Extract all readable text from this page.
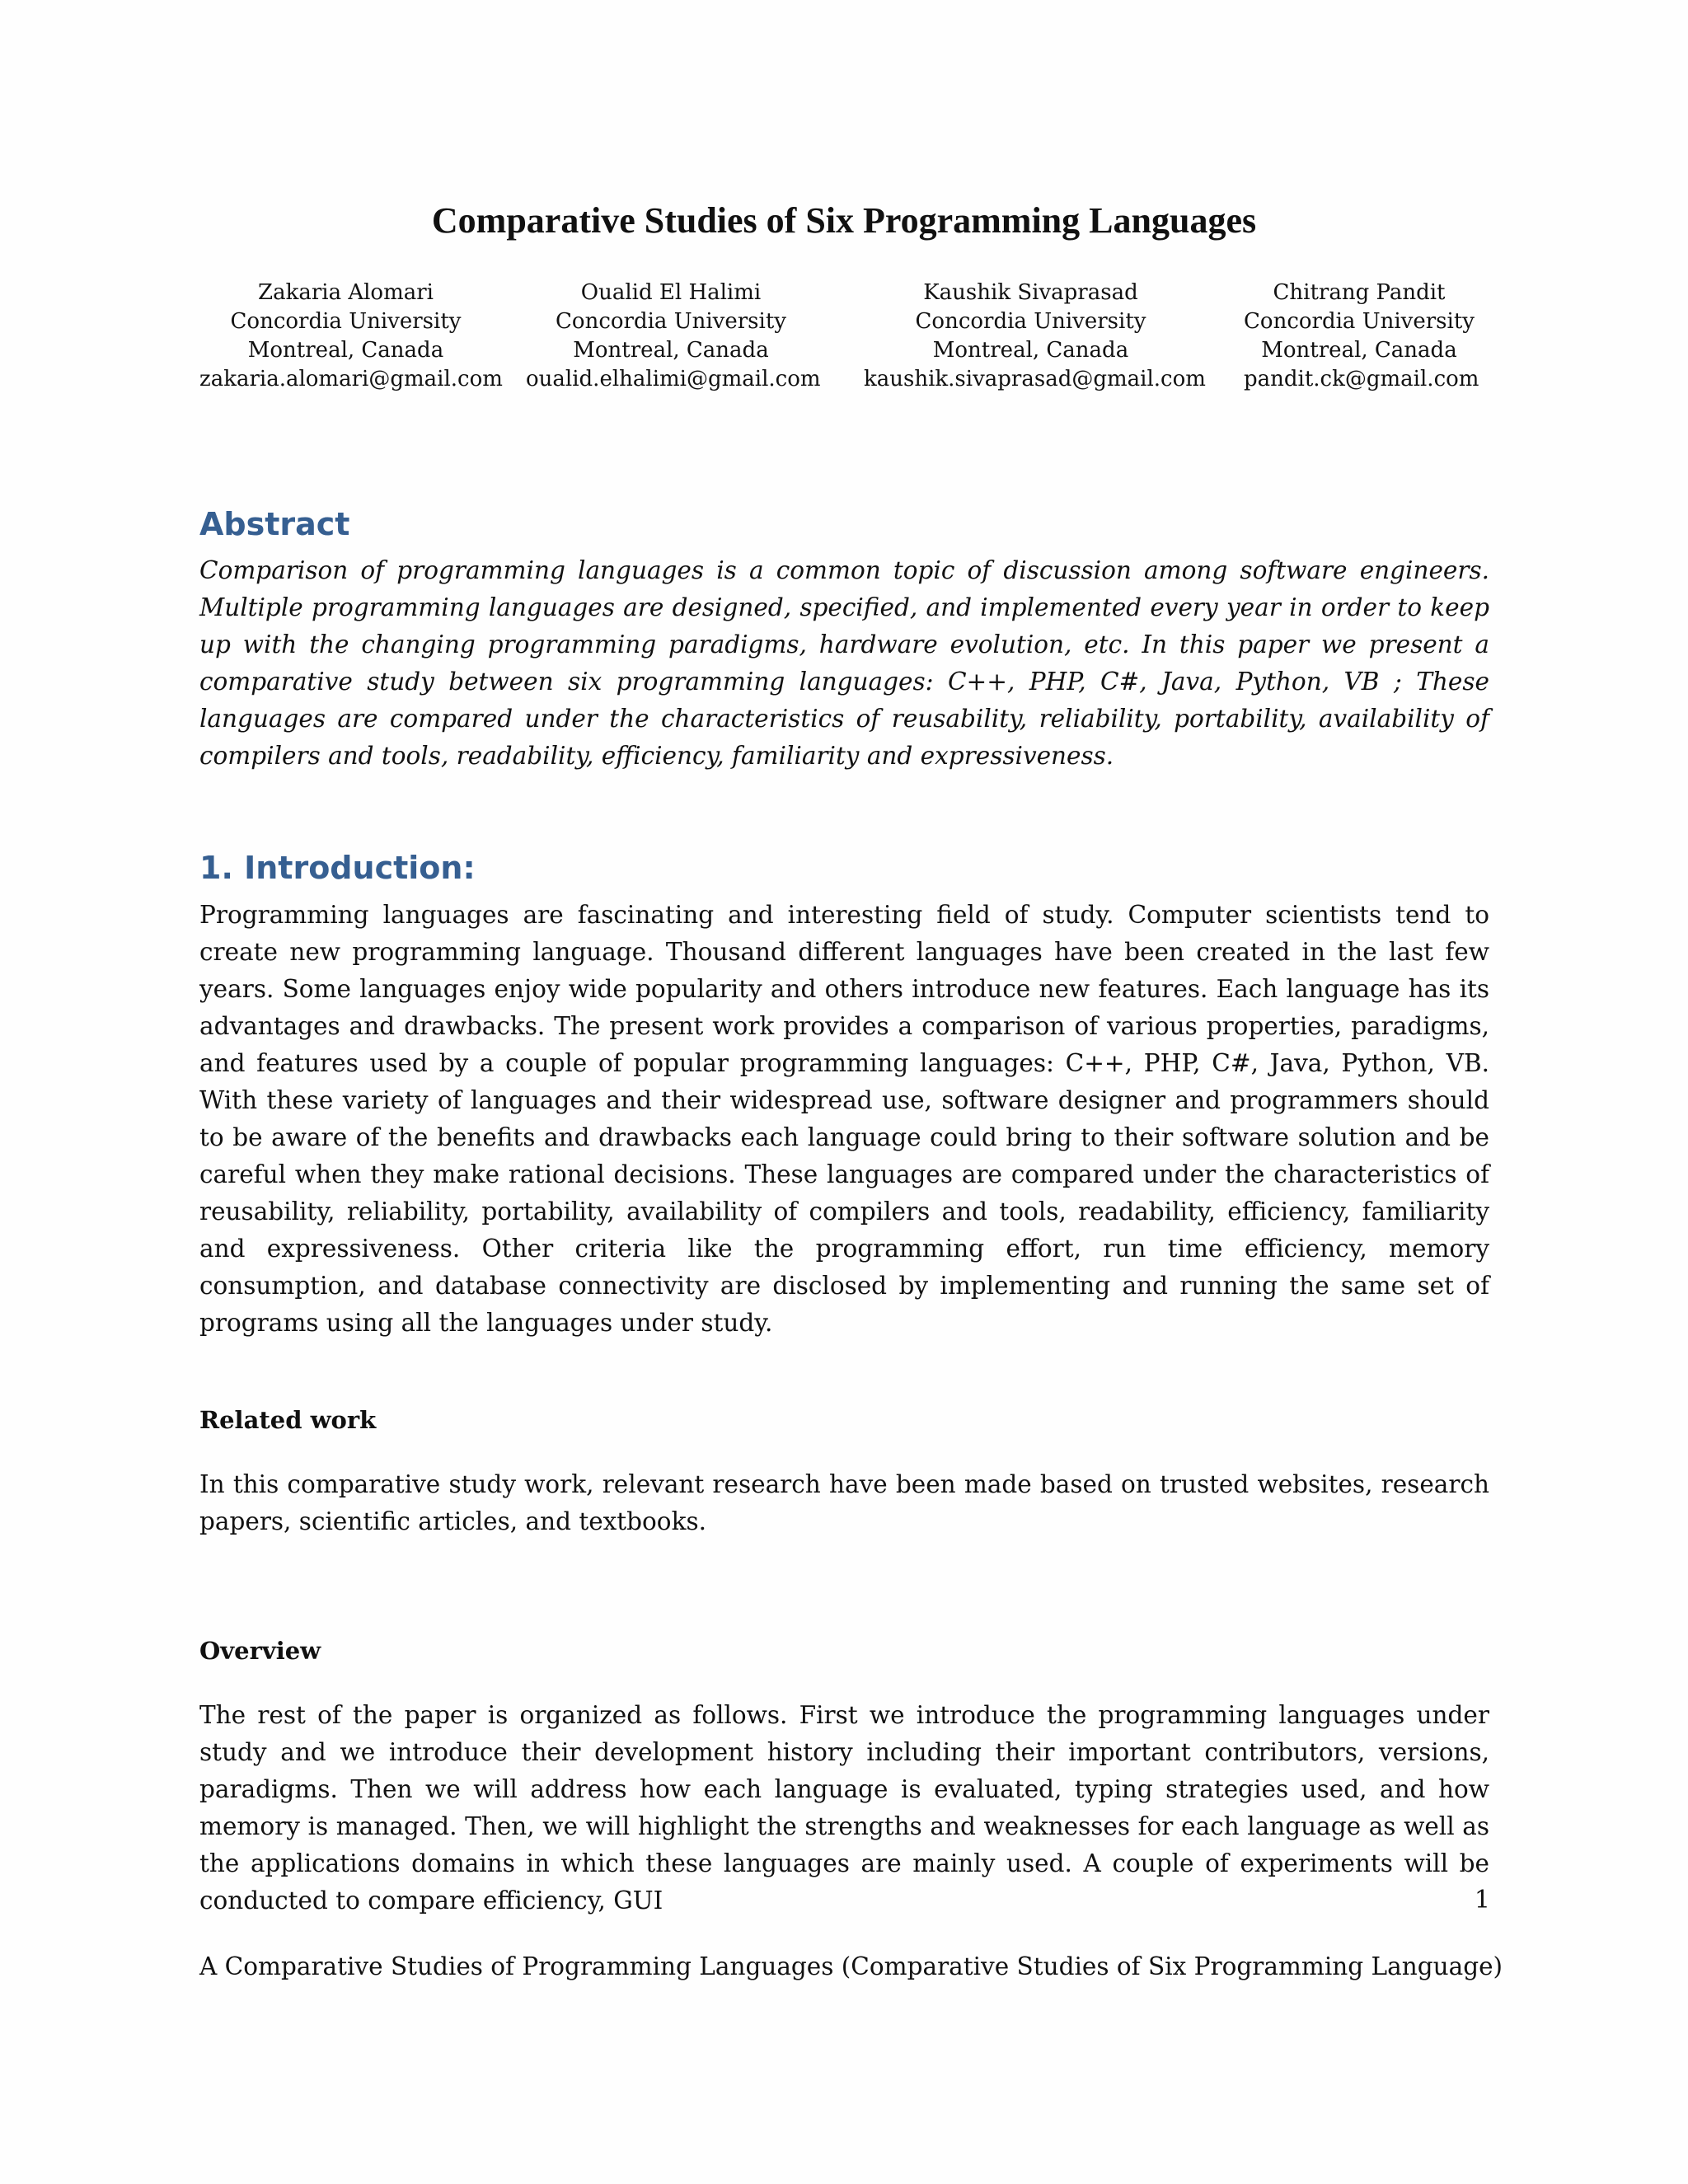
Comparative Studies of Six Programming Languages
Zakaria Alomari
Concordia University
Montreal, Canada
zakaria.alomari@gmail.com
Oualid El Halimi
Concordia University
Montreal, Canada
oualid.elhalimi@gmail.com
Kaushik Sivaprasad
Concordia University
Montreal, Canada
kaushik.sivaprasad@gmail.com
Chitrang Pandit
Concordia University
Montreal, Canada
pandit.ck@gmail.com
Abstract

Comparison of programming languages is a common topic of discussion among software engineers. Multiple programming languages are designed, specified, and implemented every year in order to keep up with the changing programming paradigms, hardware evolution, etc. In this paper we present a comparative study between six programming languages: C++, PHP, C#, Java, Python, VB ; These languages are compared under the characteristics of reusability, reliability, portability, availability of compilers and tools, readability, efficiency, familiarity and expressiveness.

1. Introduction:

Programming languages are fascinating and interesting field of study. Computer scientists tend to create new programming language. Thousand different languages have been created in the last few years. Some languages enjoy wide popularity and others introduce new features. Each language has its advantages and drawbacks. The present work provides a comparison of various properties, paradigms, and features used by a couple of popular programming languages: C++, PHP, C#, Java, Python, VB. With these variety of languages and their widespread use, software designer and programmers should to be aware of the benefits and drawbacks each language could bring to their software solution and be careful when they make rational decisions. These languages are compared under the characteristics of reusability, reliability, portability, availability of compilers and tools, readability, efficiency, familiarity and expressiveness. Other criteria like the programming effort, run time efficiency, memory consumption, and database connectivity are disclosed by implementing and running the same set of programs using all the languages under study.

Related work

In this comparative study work, relevant research have been made based on trusted websites, research papers, scientific articles, and textbooks.

Overview

The rest of the paper is organized as follows. First we introduce the programming languages under study and we introduce their development history including their important contributors, versions, paradigms. Then we will address how each language is evaluated, typing strategies used, and how memory is managed. Then, we will highlight the strengths and weaknesses for each language as well as the applications domains in which these languages are mainly used. A couple of experiments will be conducted to compare efficiency, GUI	1
A Comparative Studies of Programming Languages (Comparative Studies of Six Programming Language)
